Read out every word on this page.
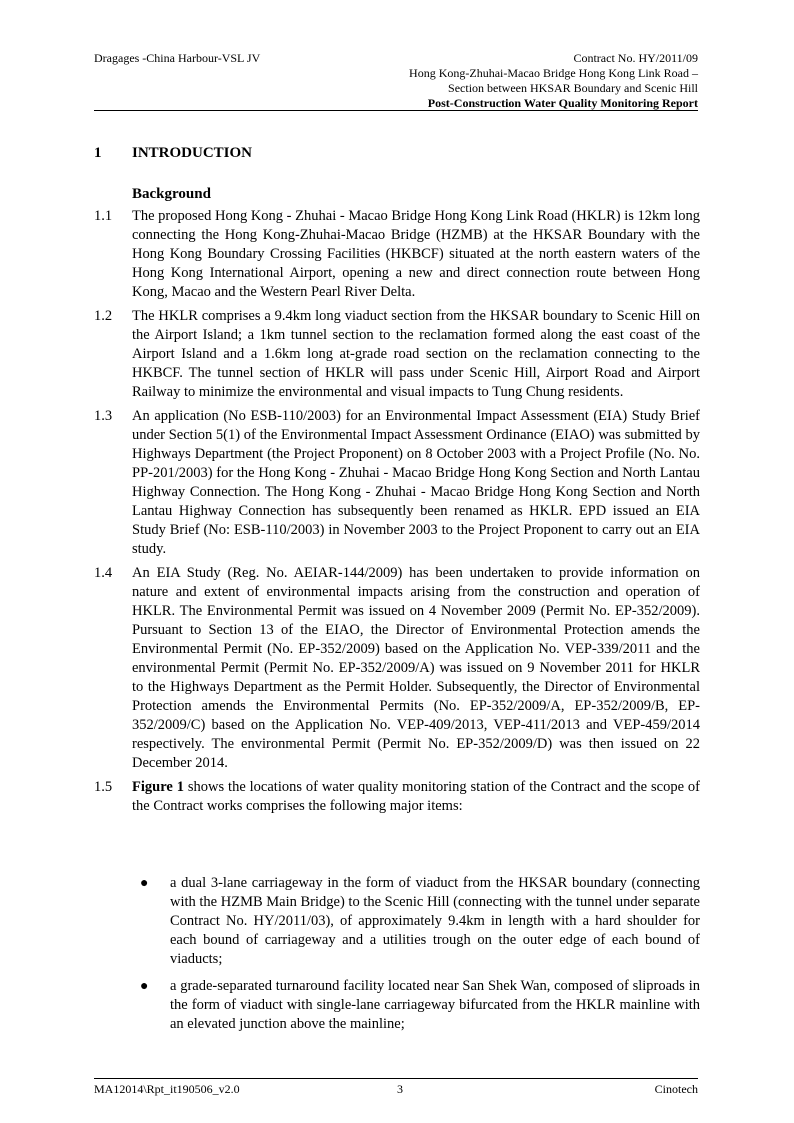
Dragages -China Harbour-VSL JV	Contract No. HY/2011/09
Hong Kong-Zhuhai-Macao Bridge Hong Kong Link Road –
Section between HKSAR Boundary and Scenic Hill
Post-Construction Water Quality Monitoring Report
1 INTRODUCTION
Background
1.1	The proposed Hong Kong - Zhuhai - Macao Bridge Hong Kong Link Road (HKLR) is 12km long connecting the Hong Kong-Zhuhai-Macao Bridge (HZMB) at the HKSAR Boundary with the Hong Kong Boundary Crossing Facilities (HKBCF) situated at the north eastern waters of the Hong Kong International Airport, opening a new and direct connection route between Hong Kong, Macao and the Western Pearl River Delta.
1.2	The HKLR comprises a 9.4km long viaduct section from the HKSAR boundary to Scenic Hill on the Airport Island; a 1km tunnel section to the reclamation formed along the east coast of the Airport Island and a 1.6km long at-grade road section on the reclamation connecting to the HKBCF. The tunnel section of HKLR will pass under Scenic Hill, Airport Road and Airport Railway to minimize the environmental and visual impacts to Tung Chung residents.
1.3	An application (No ESB-110/2003) for an Environmental Impact Assessment (EIA) Study Brief under Section 5(1) of the Environmental Impact Assessment Ordinance (EIAO) was submitted by Highways Department (the Project Proponent) on 8 October 2003 with a Project Profile (No. No. PP-201/2003) for the Hong Kong - Zhuhai - Macao Bridge Hong Kong Section and North Lantau Highway Connection. The Hong Kong - Zhuhai - Macao Bridge Hong Kong Section and North Lantau Highway Connection has subsequently been renamed as HKLR. EPD issued an EIA Study Brief (No: ESB-110/2003) in November 2003 to the Project Proponent to carry out an EIA study.
1.4	An EIA Study (Reg. No. AEIAR-144/2009) has been undertaken to provide information on nature and extent of environmental impacts arising from the construction and operation of HKLR. The Environmental Permit was issued on 4 November 2009 (Permit No. EP-352/2009). Pursuant to Section 13 of the EIAO, the Director of Environmental Protection amends the Environmental Permit (No. EP-352/2009) based on the Application No. VEP-339/2011 and the environmental Permit (Permit No. EP-352/2009/A) was issued on 9 November 2011 for HKLR to the Highways Department as the Permit Holder. Subsequently, the Director of Environmental Protection amends the Environmental Permits (No. EP-352/2009/A, EP-352/2009/B, EP-352/2009/C) based on the Application No. VEP-409/2013, VEP-411/2013 and VEP-459/2014 respectively. The environmental Permit (Permit No. EP-352/2009/D) was then issued on 22 December 2014.
1.5	Figure 1 shows the locations of water quality monitoring station of the Contract and the scope of the Contract works comprises the following major items:
●	a dual 3-lane carriageway in the form of viaduct from the HKSAR boundary (connecting with the HZMB Main Bridge) to the Scenic Hill (connecting with the tunnel under separate Contract No. HY/2011/03), of approximately 9.4km in length with a hard shoulder for each bound of carriageway and a utilities trough on the outer edge of each bound of viaducts;
●	a grade-separated turnaround facility located near San Shek Wan, composed of sliproads in the form of viaduct with single-lane carriageway bifurcated from the HKLR mainline with an elevated junction above the mainline;
MA12014\Rpt_it190506_v2.0	3	Cinotech
